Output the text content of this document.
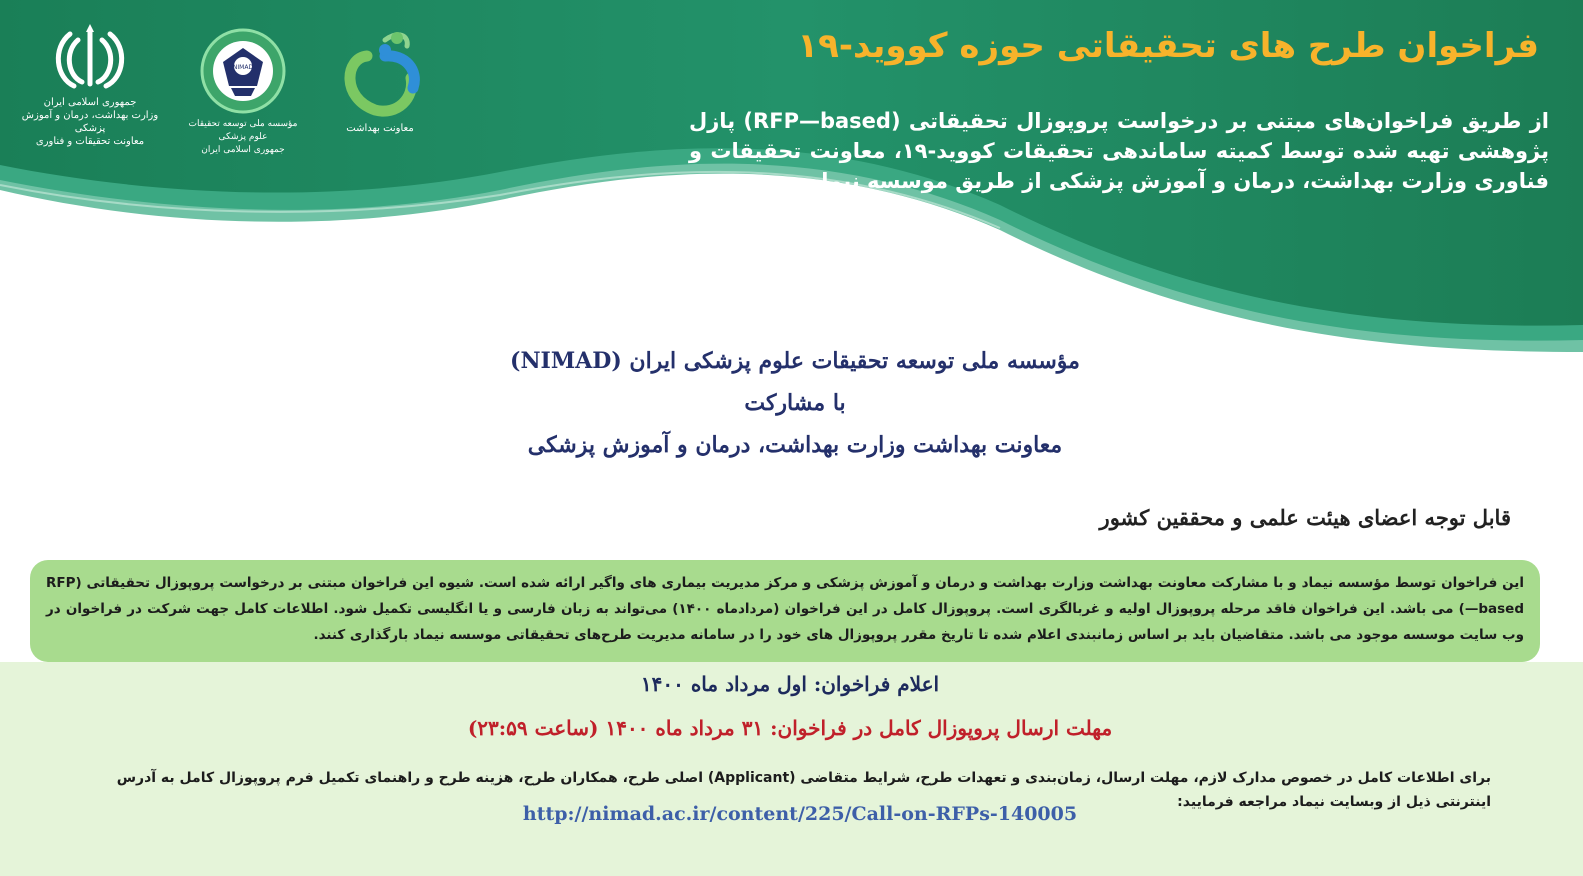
جمهوری اسلامی ایران
وزارت بهداشت، درمان و آموزش پزشکی
معاونت تحقیقات و فناوری
NIMAD
مؤسسه ملی توسعه تحقیقات علوم پزشکی
جمهوری اسلامی ایران
معاونت بهداشت
فراخوان طرح های تحقیقاتی حوزه کووید-۱۹
از طریق فراخوان‌های مبتنی بر درخواست پروپوزال تحقیقاتی (RFP—based) پازل پژوهشی تهیه شده توسط کمیته ساماندهی تحقیقات کووید-۱۹، معاونت تحقیقات و فناوری وزارت بهداشت، درمان و آموزش پزشکی از طریق موسسه نیماد
مؤسسه ملی توسعه تحقیقات علوم پزشکی ایران (NIMAD)
با مشارکت
معاونت بهداشت وزارت بهداشت، درمان و آموزش پزشکی
قابل توجه اعضای هیئت علمی و محققین کشور
این فراخوان توسط مؤسسه نیماد و با مشارکت معاونت بهداشت وزارت بهداشت و درمان و آموزش پزشکی و مرکز مدیریت بیماری های واگیر ارائه شده است. شیوه این فراخوان مبتنی بر درخواست پروپوزال تحقیقاتی (RFP—based) می باشد. این فراخوان فاقد مرحله پروپوزال اولیه و غربالگری است. پروپوزال کامل در این فراخوان (مردادماه ۱۴۰۰) می‌تواند به زبان فارسی و یا انگلیسی تکمیل شود. اطلاعات کامل جهت شرکت در فراخوان در وب سایت موسسه موجود می باشد. متقاضیان باید بر اساس زمانبندی اعلام شده تا تاریخ مقرر پروپوزال های خود را در سامانه مدیریت طرح‌های تحقیقاتی موسسه نیماد بارگذاری کنند.
اعلام فراخوان: اول مرداد ماه ۱۴۰۰
مهلت ارسال پروپوزال کامل در فراخوان: ۳۱ مرداد ماه ۱۴۰۰ (ساعت ۲۳:۵۹)
برای اطلاعات کامل در خصوص مدارک لازم، مهلت ارسال، زمان‌بندی و تعهدات طرح، شرایط متقاضی (Applicant) اصلی طرح، همکاران طرح، هزینه طرح و راهنمای تکمیل فرم پروپوزال کامل به آدرس اینترنتی ذیل از وبسایت نیماد مراجعه فرمایید:
http://nimad.ac.ir/content/225/Call-on-RFPs-140005
